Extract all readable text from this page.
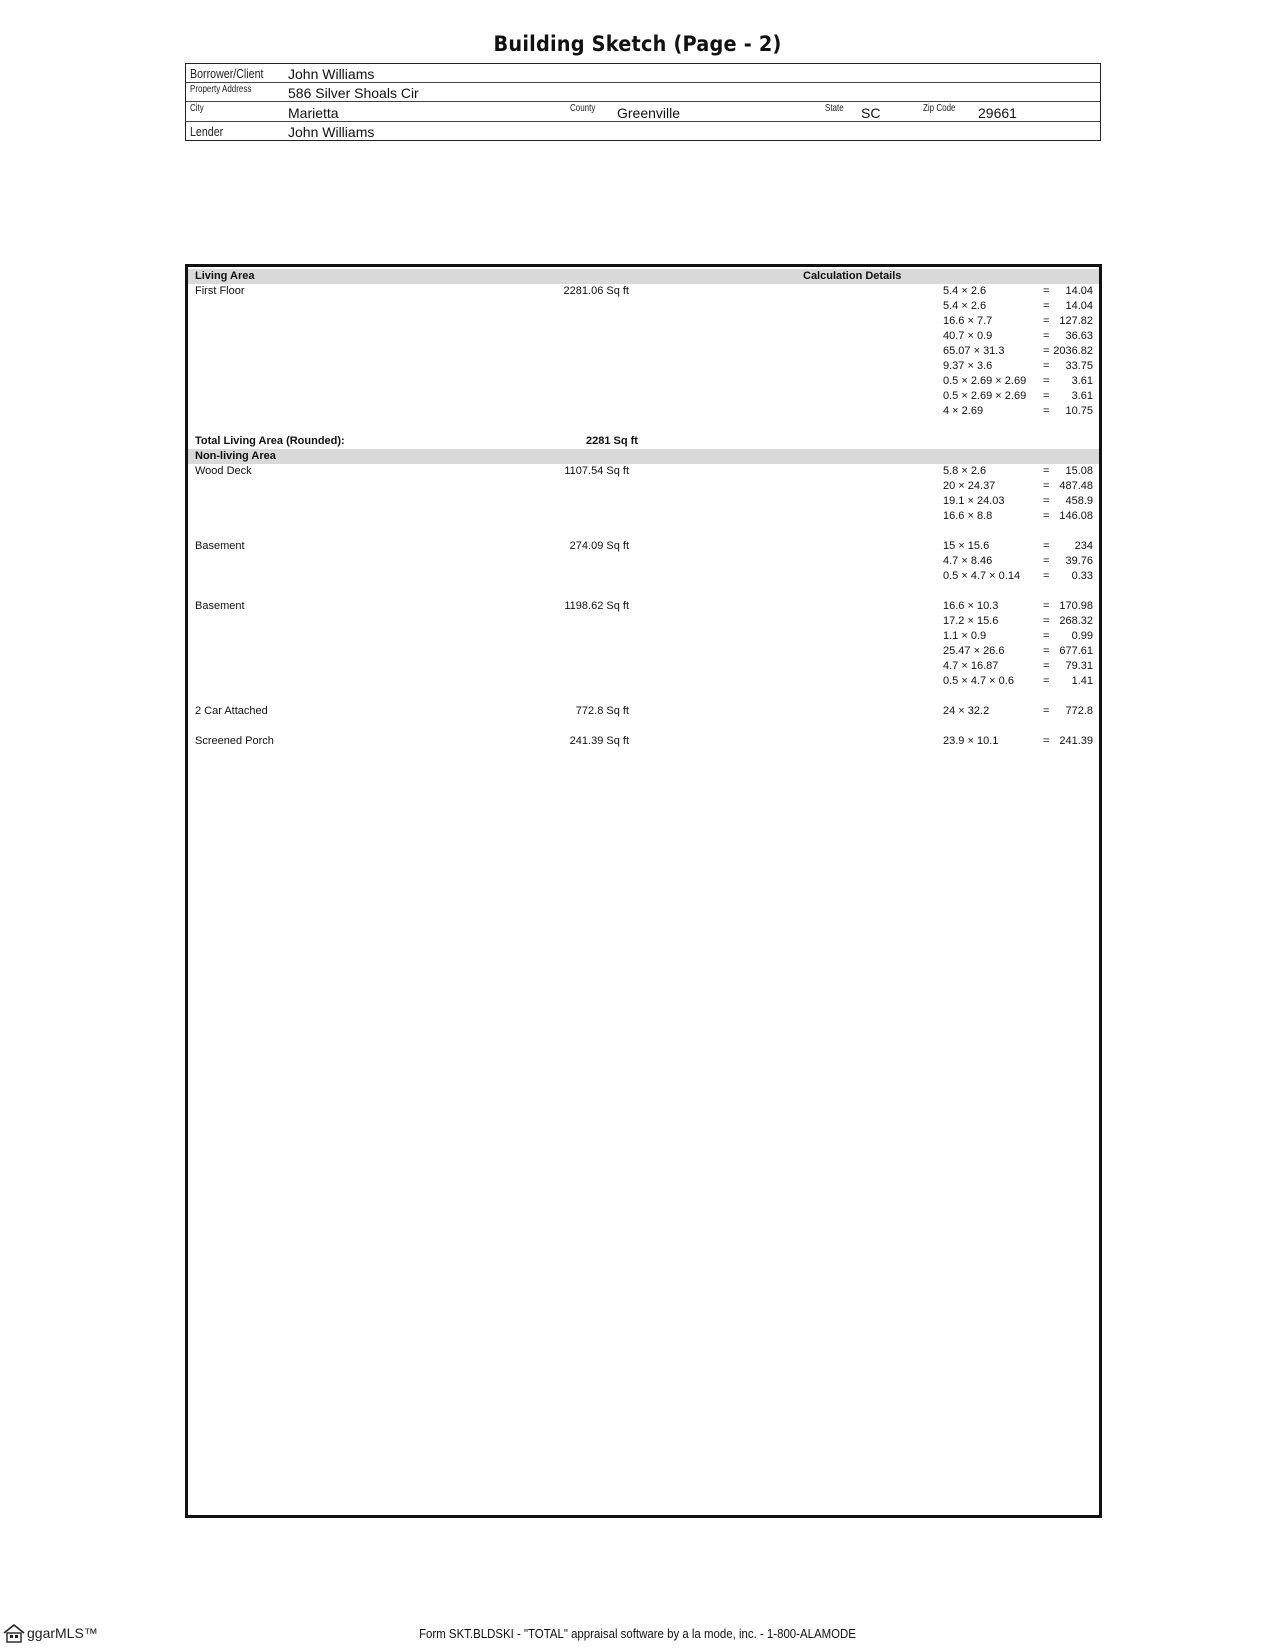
Building Sketch (Page - 2)
Borrower/Client John Williams
Property Address	586 Silver Shoals Cir
City	Marietta	County Greenville	State SC	Zip Code 29661
Lender	John Williams
Living Area	Calculation Details
First Floor	2281.06 Sq ft	5.4 × 2.6	=	14.04
5.4 × 2.6	=	14.04
16.6 × 7.7	= 127.82
40.7 × 0.9	=	36.63
65.07 × 31.3	= 2036.82
9.37 × 3.6	=	33.75
0.5 × 2.69 × 2.69 =	3.61
0.5 × 2.69 × 2.69 =	3.61
4 × 2.69	=	10.75
Total Living Area (Rounded):	2281 Sq ft
Non-living Area
Wood Deck	1107.54 Sq ft	5.8 × 2.6	=	15.08
20 × 24.37	= 487.48
19.1 × 24.03	=	458.9
16.6 × 8.8	= 146.08
Basement	274.09 Sq ft	15 × 15.6	=	234
4.7 × 8.46	=	39.76
0.5 × 4.7 × 0.14 =	0.33
Basement	1198.62 Sq ft	16.6 × 10.3	= 170.98
17.2 × 15.6	= 268.32
1.1 × 0.9	=	0.99
25.47 × 26.6	= 677.61
4.7 × 16.87	=	79.31
0.5 × 4.7 × 0.6	=	1.41
2 Car Attached	772.8 Sq ft	24 × 32.2	=	772.8
Screened Porch	241.39 Sq ft	23.9 × 10.1	= 241.39
Form SKT.BLDSKI - "TOTAL" appraisal software by a la mode, inc. - 1-800-ALAMODE
ggarMLS™
